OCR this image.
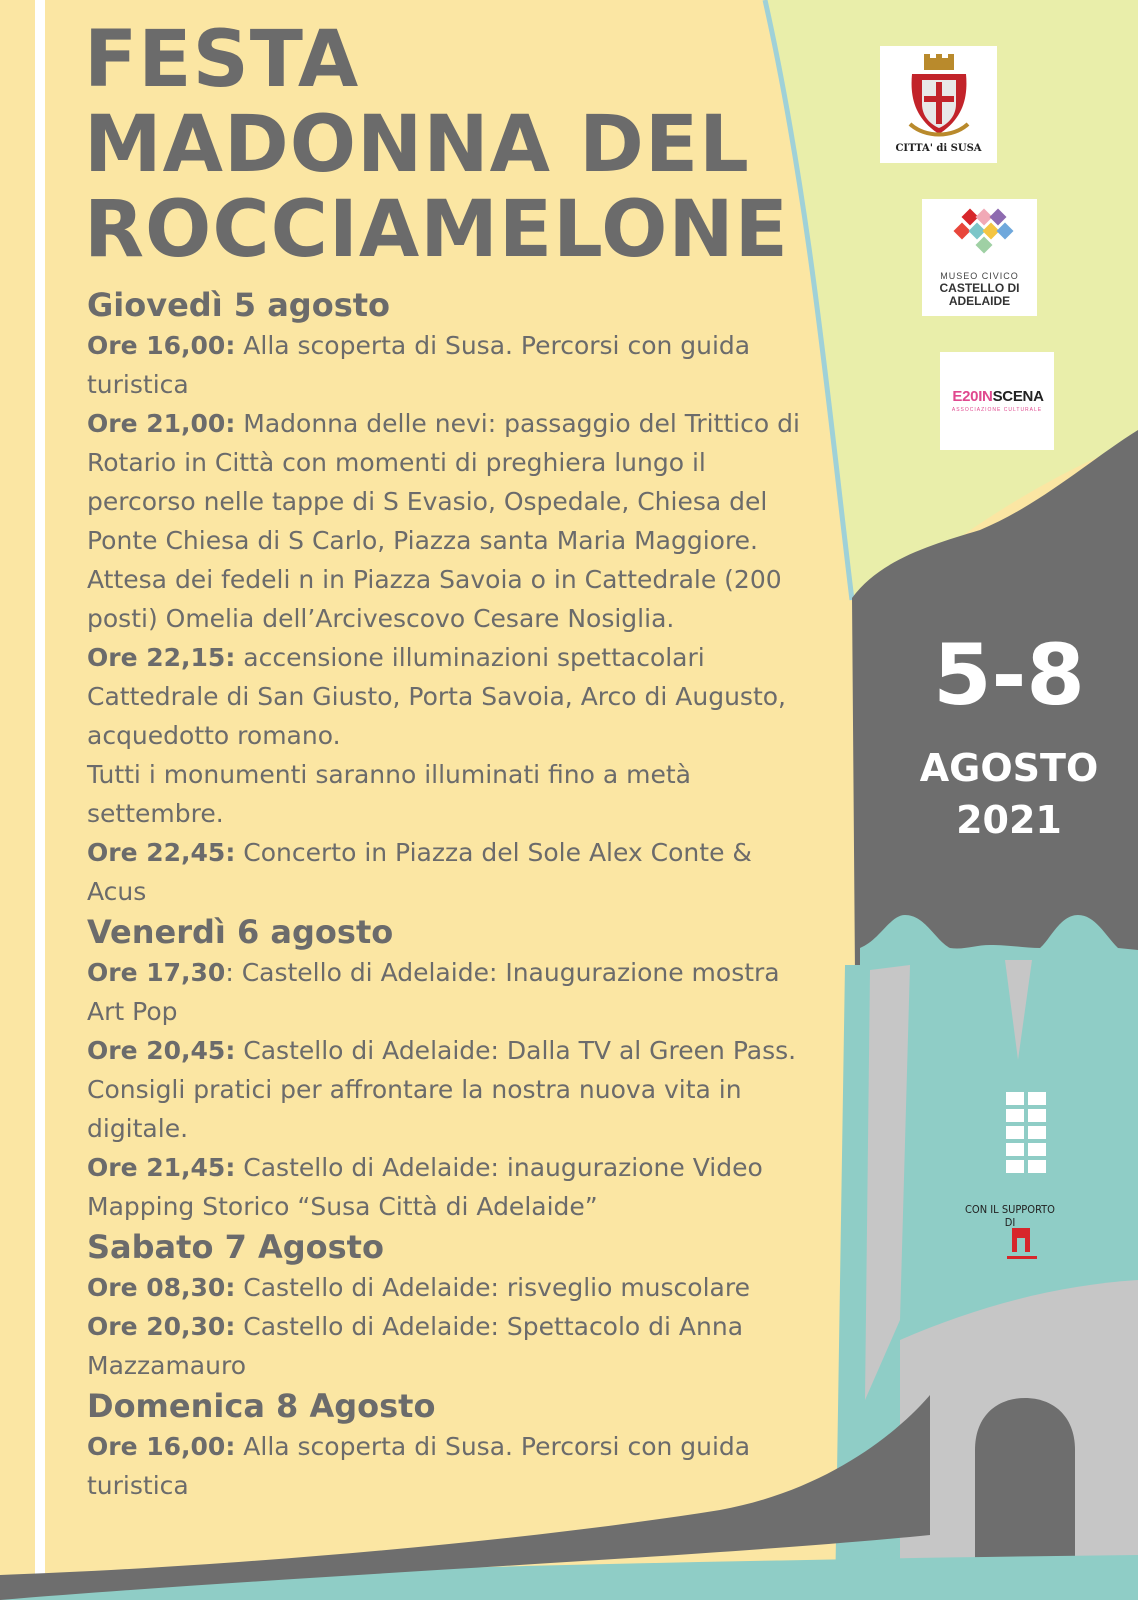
FESTA
MADONNA DEL
ROCCIAMELONE
Giovedì 5 agosto

Ore 16,00: Alla scoperta di Susa. Percorsi con guida turistica

Ore 21,00: Madonna delle nevi: passaggio del Trittico di Rotario in Città con momenti di preghiera lungo il percorso nelle tappe di S Evasio, Ospedale, Chiesa del Ponte Chiesa di S Carlo, Piazza santa Maria Maggiore. Attesa dei fedeli n in Piazza Savoia o in Cattedrale (200 posti) Omelia dell’Arcivescovo Cesare Nosiglia.

Ore 22,15: accensione illuminazioni spettacolari Cattedrale di San Giusto, Porta Savoia, Arco di Augusto, acquedotto romano.

Tutti i monumenti saranno illuminati fino a metà settembre.

Ore 22,45: Concerto in Piazza del Sole Alex Conte & Acus

Venerdì 6 agosto

Ore 17,30: Castello di Adelaide: Inaugurazione mostra Art Pop

Ore 20,45: Castello di Adelaide: Dalla TV al Green Pass. Consigli pratici per affrontare la nostra nuova vita in digitale.

Ore 21,45: Castello di Adelaide: inaugurazione Video Mapping Storico “Susa Città di Adelaide”

Sabato 7 Agosto

Ore 08,30: Castello di Adelaide: risveglio muscolare

Ore 20,30: Castello di Adelaide: Spettacolo di Anna Mazzamauro

Domenica 8 Agosto

Ore 16,00: Alla scoperta di Susa. Percorsi con guida turistica

CITTA' di SUSA
MUSEO CIVICO
CASTELLO DI
ADELAIDE
E20INSCENA
ASSOCIAZIONE CULTURALE
5-8
AGOSTO
2021
CON IL SUPPORTO DI
